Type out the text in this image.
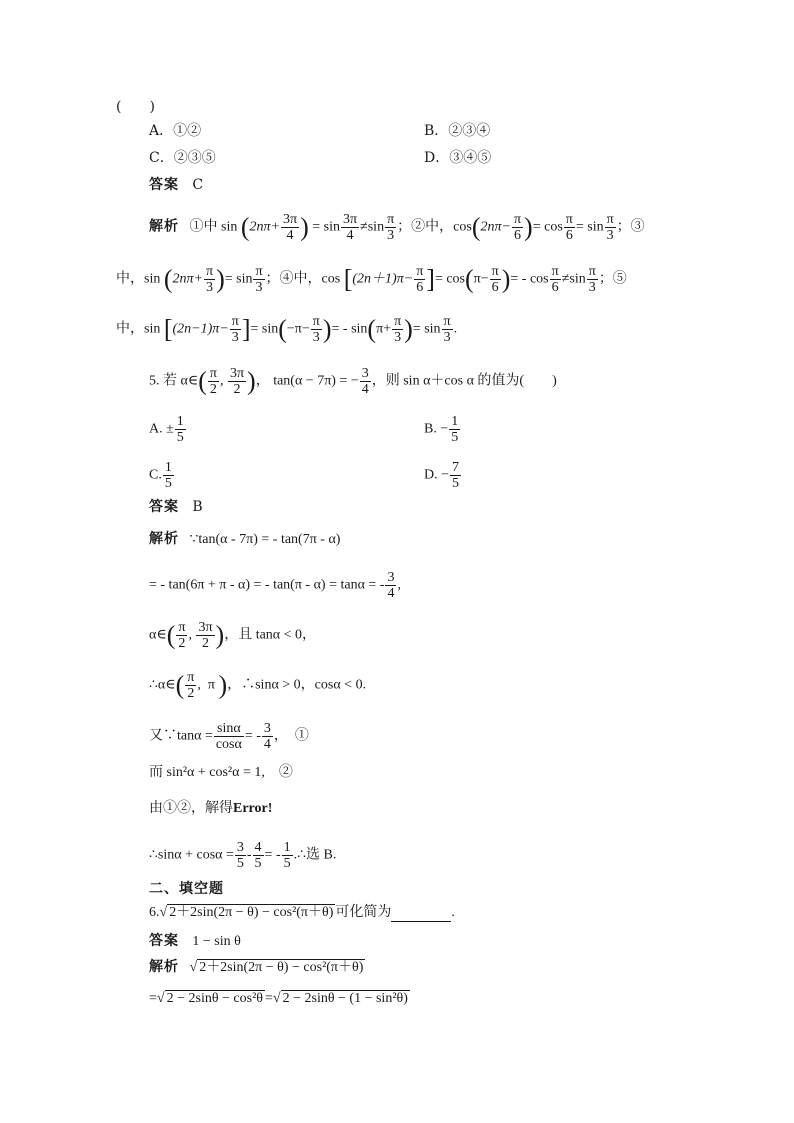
(　　)
A．①②	B．②③④
C．②③⑤	D．③④⑤
答案 C
解析 ①中 $\sin (2n\pi+ \frac{3\pi}{4}$ ) = $\sin \frac{3\pi}{4} \ne\sin \frac{\pi}{3}$ ；②中，$\cos(2n\pi- \frac{\pi}{6}$ )= $\cos \frac{\pi}{6} = \sin \frac{\pi}{3}$ ；③
中，$\sin (2n\pi+ \frac{\pi}{3}$ )= $\sin \frac{\pi}{3}$ ；④中，$\cos [(2n+1)\pi- \frac{\pi}{6}$ ]= $\cos(\pi- \frac{\pi}{6}$ )= - $\cos \frac{\pi}{6} \ne\sin \frac{\pi}{3}$ ；⑤
中，$\sin [(2n-1)\pi- \frac{\pi}{3}$ ]= $\sin(-\pi- \frac{\pi}{3}$ )= - $\sin(\pi+ \frac{\pi}{3}$ )= $\sin \frac{\pi}{3}$ .
5. 若 α∈( $\frac{\pi}{2}$ , $\frac{3\pi}{2}$ )， tan(α − 7π) = − $\frac{3}{4}$ ，则 sin α＋cos α 的值为(　　)
A. ± $\frac{1}{5}$	B. − $\frac{1}{5}$
C. $\frac{1}{5}$	D. − $\frac{7}{5}$
答案 B
解析 ∵tan(α - 7π) = - tan(7π - α)
= - tan(6π + π - α) = - tan(π - α) = tanα = - $\frac{3}{4}$ ,
α∈( $\frac{\pi}{2}$ , $\frac{3\pi}{2}$ )，且 tanα < 0，
∴α∈( $\frac{\pi}{2}$ ,  π )，∴sinα > 0，cosα < 0.
又∵tanα = $\frac{\sin\alpha}{\cos\alpha}$ = - $\frac{3}{4}$ ，　①
而 sin²α + cos²α = 1,　②
由①②，解得Error!
∴sinα + $\cos\alpha = \frac{3}{5} - \frac{4}{5}$ = - $\frac{1}{5}$ .∴选 B.
二、填空题
6.√ 2＋2sin(2π − θ) − cos²(π＋θ) 可化简为	.
答案 1 − sin θ
解析   √ 2＋2sin(2π − θ) − cos²(π＋θ)
=√ 2 − 2sinθ − cos²θ =√ 2 − 2sinθ − (1 − sin²θ)
